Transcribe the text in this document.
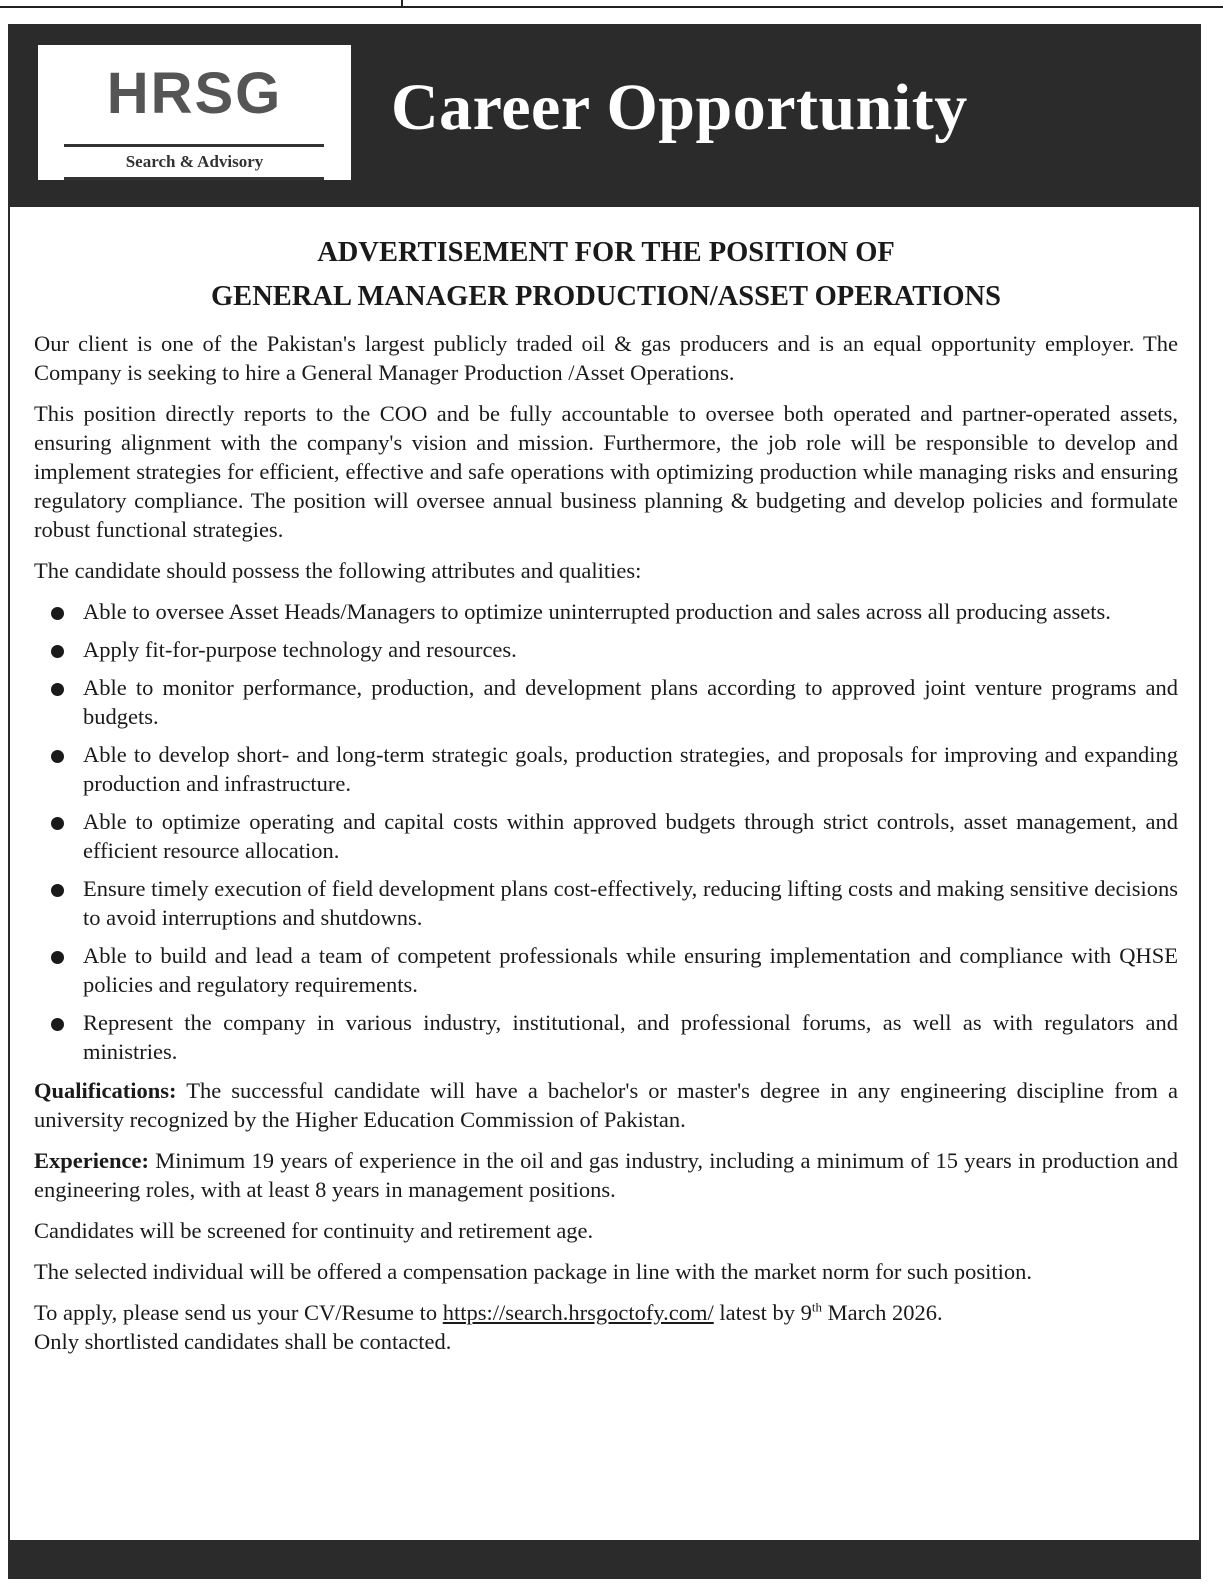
HRSG
Search & Advisory
Career Opportunity
ADVERTISEMENT FOR THE POSITION OF
GENERAL MANAGER PRODUCTION/ASSET OPERATIONS

Our client is one of the Pakistan's largest publicly traded oil & gas producers and is an equal opportunity employer. The Company is seeking to hire a General Manager Production /Asset Operations.

This position directly reports to the COO and be fully accountable to oversee both operated and partner-operated assets, ensuring alignment with the company's vision and mission. Furthermore, the job role will be responsible to develop and implement strategies for efficient, effective and safe operations with optimizing production while managing risks and ensuring regulatory compliance. The position will oversee annual business planning & budgeting and develop policies and formulate robust functional strategies.

The candidate should possess the following attributes and qualities:

Able to oversee Asset Heads/Managers to optimize uninterrupted production and sales across all producing assets.
Apply fit-for-purpose technology and resources.
Able to monitor performance, production, and development plans according to approved joint venture programs and budgets.
Able to develop short- and long-term strategic goals, production strategies, and proposals for improving and expanding production and infrastructure.
Able to optimize operating and capital costs within approved budgets through strict controls, asset management, and efficient resource allocation.
Ensure timely execution of field development plans cost-effectively, reducing lifting costs and making sensitive decisions to avoid interruptions and shutdowns.
Able to build and lead a team of competent professionals while ensuring implementation and compliance with QHSE policies and regulatory requirements.
Represent the company in various industry, institutional, and professional forums, as well as with regulators and ministries.

Qualifications: The successful candidate will have a bachelor's or master's degree in any engineering discipline from a university recognized by the Higher Education Commission of Pakistan.

Experience: Minimum 19 years of experience in the oil and gas industry, including a minimum of 15 years in production and engineering roles, with at least 8 years in management positions.

Candidates will be screened for continuity and retirement age.

The selected individual will be offered a compensation package in line with the market norm for such position.

To apply, please send us your CV/Resume to https://search.hrsgoctofy.com/ latest by 9th March 2026.
Only shortlisted candidates shall be contacted.
